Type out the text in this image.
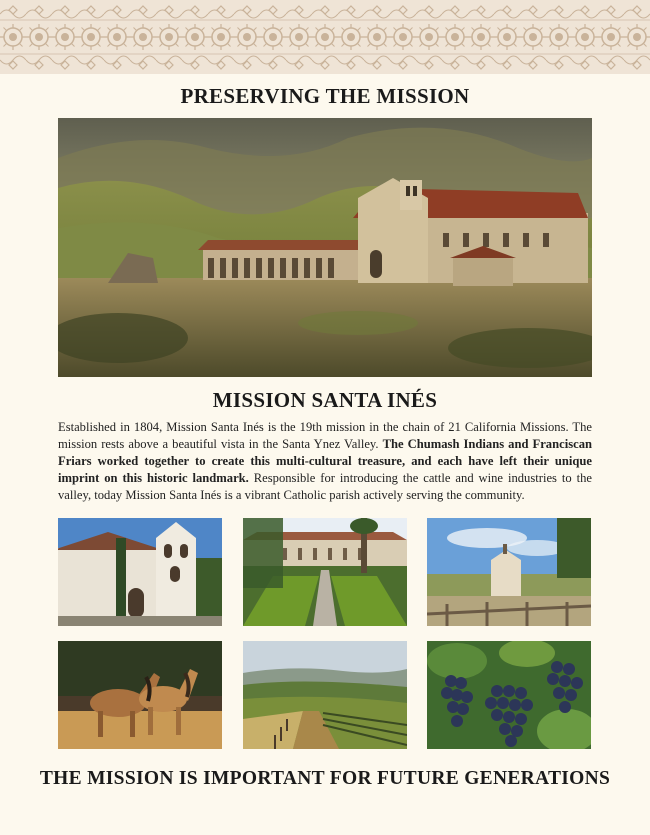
PRESERVING THE MISSION
MISSION SANTA INÉS
Established in 1804, Mission Santa Inés is the 19th mission in the chain of 21 California Missions. The mission rests above a beautiful vista in the Santa Ynez Valley. The Chumash Indians and Franciscan Friars worked together to create this multi-cultural treasure, and each have left their unique imprint on this historic landmark. Responsible for introducing the cattle and wine industries to the valley, today Mission Santa Inés is a vibrant Catholic parish actively serving the community.
THE MISSION IS IMPORTANT FOR FUTURE GENERATIONS
